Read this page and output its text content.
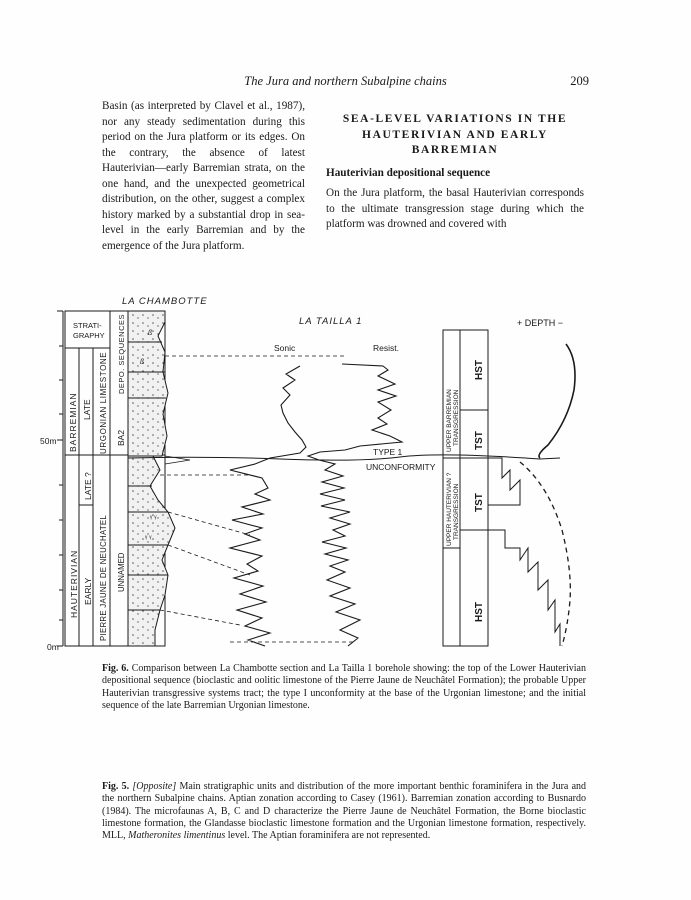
The Jura and northern Subalpine chains	209
Basin (as interpreted by Clavel et al., 1987), nor any steady sedimentation during this period on the Jura platform or its edges. On the contrary, the absence of latest Hauterivian—early Barremian strata, on the one hand, and the unexpected geometrical distribution, on the other, suggest a complex history marked by a substantial drop in sea-level in the early Barremian and by the emergence of the Jura platform.
SEA-LEVEL VARIATIONS IN THE HAUTERIVIAN AND EARLY BARREMIAN
Hauterivian depositional sequence
On the Jura platform, the basal Hauterivian corresponds to the ultimate transgression stage during which the platform was drowned and covered with
LA CHAMBOTTE
LA TAILLA 1	+ DEPTH −
50m
0m
STRATI-
GRAPHY DEPO. SEQUENCES
BARREMIAN LATE URGONIAN LIMESTONE BA2
HAUTERIVIAN
LATE ?
EARLY PIERRE JAUNE DE NEUCHATEL UNNAMED
ß
ß
ᵞ ᵞ
ᵞ ᵞ
TYPE 1
UNCONFORMITY
Sonic	Resist.
UPPER BARREMIAN TRANSGRESSION
UPPER HAUTERIVIAN ? TRANSGRESSION
HST
TST
TST
HST
Fig. 6. Comparison between La Chambotte section and La Tailla 1 borehole showing: the top of the Lower Hauterivian depositional sequence (bioclastic and oolitic limestone of the Pierre Jaune de Neuchâtel Formation); the probable Upper Hauterivian transgressive systems tract; the type I unconformity at the base of the Urgonian limestone; and the initial sequence of the late Barremian Urgonian limestone.
Fig. 5. [Opposite] Main stratigraphic units and distribution of the more important benthic foraminifera in the Jura and the northern Subalpine chains. Aptian zonation according to Casey (1961). Barremian zonation according to Busnardo (1984). The microfaunas A, B, C and D characterize the Pierre Jaune de Neuchâtel Formation, the Borne bioclastic limestone formation, the Glandasse bioclastic limestone formation and the Urgonian limestone formation, respectively. MLL, Matheronites limentinus level. The Aptian foraminifera are not represented.
